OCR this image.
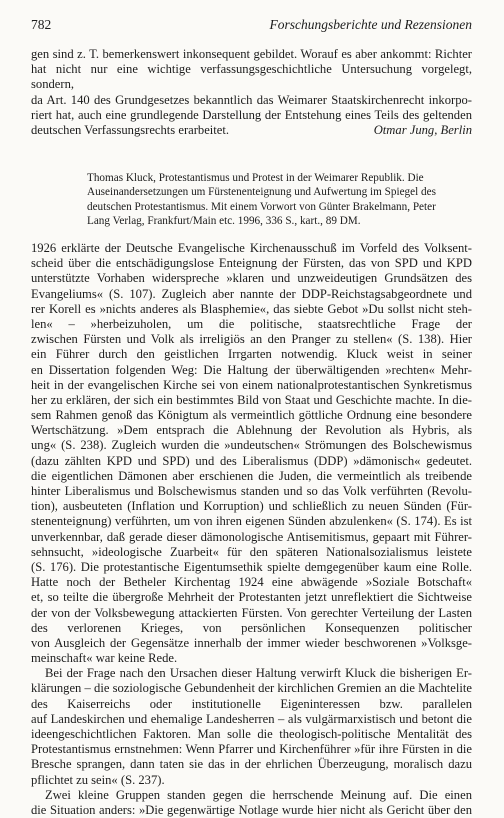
782	Forschungsberichte und Rezensionen
gen sind z. T. bemerkenswert inkonsequent gebildet. Worauf es aber ankommt: Richter
hat nicht nur eine wichtige verfassungsgeschichtliche Untersuchung vorgelegt, sondern,
da Art. 140 des Grundgesetzes bekanntlich das Weimarer Staatskirchenrecht inkorpo-
riert hat, auch eine grundlegende Darstellung der Entstehung eines Teils des geltenden
deutschen Verfassungsrechts erarbeitet.	Otmar Jung, Berlin
Thomas Kluck, Protestantismus und Protest in der Weimarer Republik. Die
Auseinandersetzungen um Fürstenenteignung und Aufwertung im Spiegel des
deutschen Protestantismus. Mit einem Vorwort von Günter Brakelmann, Peter
Lang Verlag, Frankfurt/Main etc. 1996, 336 S., kart., 89 DM.
1926 erklärte der Deutsche Evangelische Kirchenausschuß im Vorfeld des Volksent-
scheid über die entschädigungslose Enteignung der Fürsten, das von SPD und KPD
unterstützte Vorhaben widerspreche »klaren und unzweideutigen Grundsätzen des
Evangeliums« (S. 107). Zugleich aber nannte der DDP-Reichstagsabgeordnete und
rer Korell es »nichts anderes als Blasphemie«, das siebte Gebot »Du sollst nicht steh-
len« – »herbeizuholen, um die politische, staatsrechtliche Frage der
zwischen Fürsten und Volk als irreligiös an den Pranger zu stellen« (S. 138). Hier
ein Führer durch den geistlichen Irrgarten notwendig. Kluck weist in seiner
en Dissertation folgenden Weg: Die Haltung der überwältigenden »rechten« Mehr-
heit in der evangelischen Kirche sei von einem nationalprotestantischen Synkretismus
her zu erklären, der sich ein bestimmtes Bild von Staat und Geschichte machte. In die-
sem Rahmen genoß das Königtum als vermeintlich göttliche Ordnung eine besondere
Wertschätzung. »Dem entsprach die Ablehnung der Revolution als Hybris, als
ung« (S. 238). Zugleich wurden die »undeutschen« Strömungen des Bolschewismus
(dazu zählten KPD und SPD) und des Liberalismus (DDP) »dämonisch« gedeutet.
die eigentlichen Dämonen aber erschienen die Juden, die vermeintlich als treibende
hinter Liberalismus und Bolschewismus standen und so das Volk verführten (Revolu-
tion), ausbeuteten (Inflation und Korruption) und schließlich zu neuen Sünden (Für-
stenenteignung) verführten, um von ihren eigenen Sünden abzulenken« (S. 174). Es ist
unverkennbar, daß gerade dieser dämonologische Antisemitismus, gepaart mit Führer-
sehnsucht, »ideologische Zuarbeit« für den späteren Nationalsozialismus leistete
(S. 176). Die protestantische Eigentumsethik spielte demgegenüber kaum eine Rolle.
Hatte noch der Betheler Kirchentag 1924 eine abwägende »Soziale Botschaft«
et, so teilte die übergroße Mehrheit der Protestanten jetzt unreflektiert die Sichtweise
der von der Volksbewegung attackierten Fürsten. Von gerechter Verteilung der Lasten
des verlorenen Krieges, von persönlichen Konsequenzen politischer
von Ausgleich der Gegensätze innerhalb der immer wieder beschworenen »Volksge-
meinschaft« war keine Rede.
Bei der Frage nach den Ursachen dieser Haltung verwirft Kluck die bisherigen Er-
klärungen – die soziologische Gebundenheit der kirchlichen Gremien an die Machtelite
des Kaiserreichs oder institutionelle Eigeninteressen bzw. parallelen
auf Landeskirchen und ehemalige Landesherren – als vulgärmarxistisch und betont die
ideengeschichtlichen Faktoren. Man solle die theologisch-politische Mentalität des
Protestantismus ernstnehmen: Wenn Pfarrer und Kirchenführer »für ihre Fürsten in die
Bresche sprangen, dann taten sie das in der ehrlichen Überzeugung, moralisch dazu
pflichtet zu sein« (S. 237).
Zwei kleine Gruppen standen gegen die herrschende Meinung auf. Die einen
die Situation anders: »Die gegenwärtige Notlage wurde hier nicht als Gericht über den
